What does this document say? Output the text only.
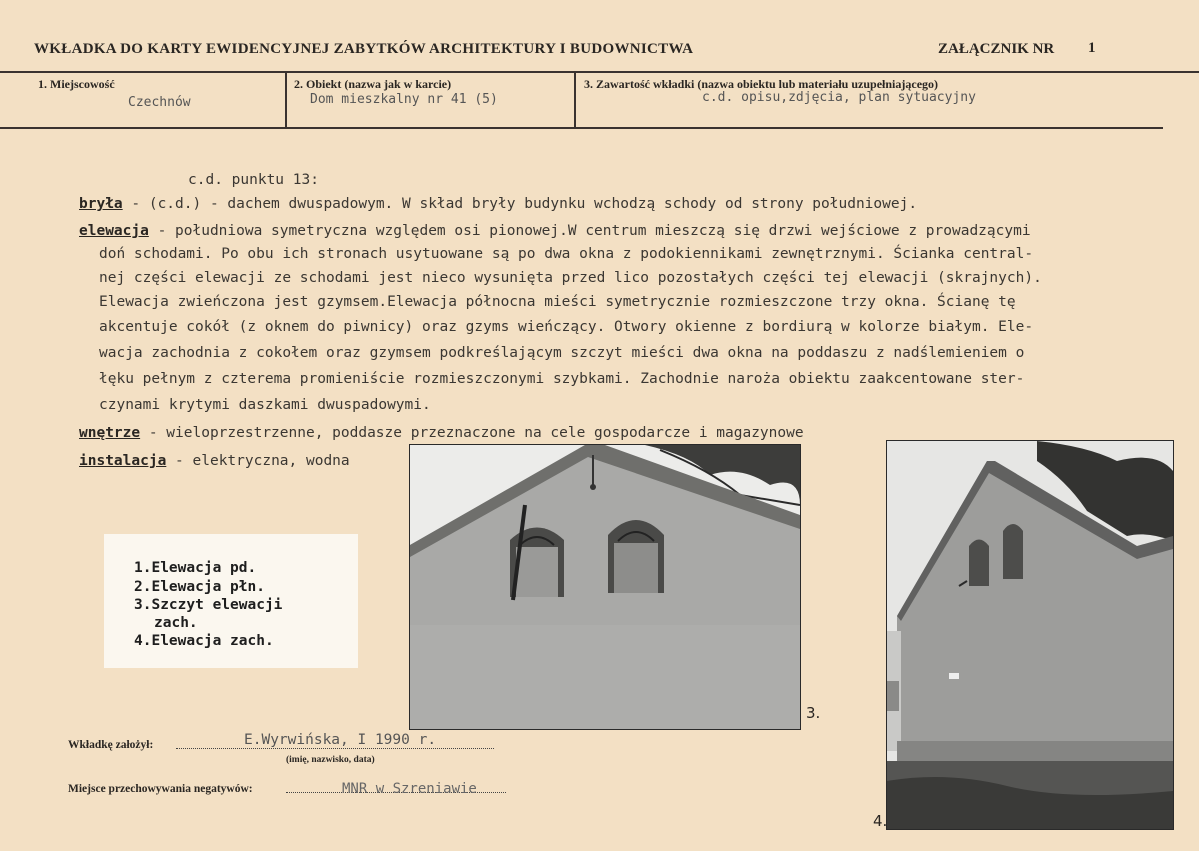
WKŁADKA DO KARTY EWIDENCYJNEJ ZABYTKÓW ARCHITEKTURY I BUDOWNICTWA	ZAŁĄCZNIK NR 1
1. Miejscowość
Czechnów
2. Obiekt (nazwa jak w karcie)
Dom mieszkalny nr 41 (5)
3. Zawartość wkładki (nazwa obiektu lub materiału uzupełniającego)
c.d. opisu,zdjęcia, plan sytuacyjny
c.d. punktu 13:
bryła - (c.d.) - dachem dwuspadowym. W skład bryły budynku wchodzą schody od strony południowej.
elewacja - południowa symetryczna względem osi pionowej.W centrum mieszczą się drzwi wejściowe z prowadzącymi
doń schodami. Po obu ich stronach usytuowane są po dwa okna z podokiennikami zewnętrznymi. Ścianka central-
nej części elewacji ze schodami jest nieco wysunięta przed lico pozostałych części tej elewacji (skrajnych).
Elewacja zwieńczona jest gzymsem.Elewacja północna mieści symetrycznie rozmieszczone trzy okna. Ścianę tę
akcentuje cokół (z oknem do piwnicy) oraz gzyms wieńczący. Otwory okienne z bordiurą w kolorze białym. Ele-
wacja zachodnia z cokołem oraz gzymsem podkreślającym szczyt mieści dwa okna na poddaszu z nadślemieniem o
łęku pełnym z czterema promieniście rozmieszczonymi szybkami. Zachodnie naroża obiektu zaakcentowane ster-
czynami krytymi daszkami dwuspadowymi.
wnętrze - wieloprzestrzenne, poddasze przeznaczone na cele gospodarcze i magazynowe
instalacja - elektryczna, wodna
1.Elewacja pd.
2.Elewacja płn.
3.Szczyt elewacji
zach.
4.Elewacja zach.
3.
4.
Wkładkę założył:	E.Wyrwińska, I 1990 r.
(imię, nazwisko, data)
Miejsce przechowywania negatywów:	MNR w Szreniawie
